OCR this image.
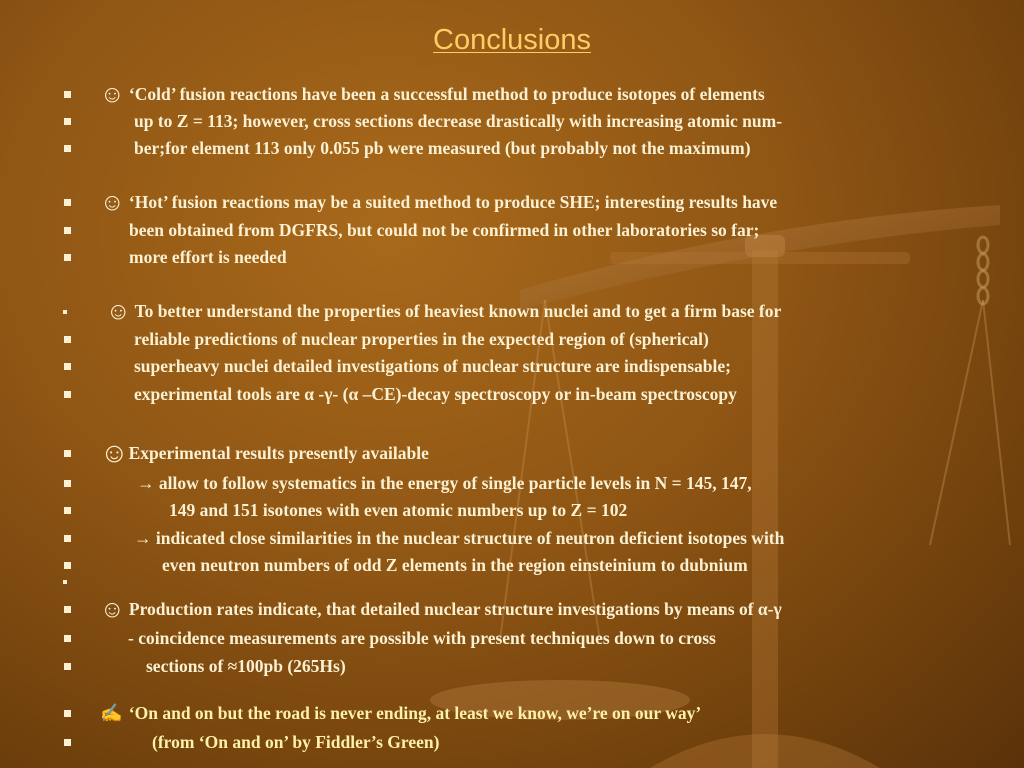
Conclusions
☺ ‘Cold’ fusion reactions have been a successful method to produce isotopes of elements
up to Z = 113; however, cross sections decrease drastically with increasing atomic num-
ber;for element 113 only 0.055 pb were measured (but probably not the maximum)
☺ ‘Hot’ fusion reactions may be a suited method to produce SHE; interesting results have
been obtained from DGFRS, but could not be confirmed in other laboratories so far;
more effort is needed
☺ To better understand the properties of heaviest known nuclei and to get a firm base for
reliable predictions of nuclear properties in the expected region of (spherical)
superheavy nuclei detailed investigations of nuclear structure are indispensable;
experimental tools are α -γ- (α –CE)-decay spectroscopy or in-beam spectroscopy
☺Experimental results presently available
→ allow to follow systematics in the energy of single particle levels in N = 145, 147,
149 and 151 isotones with even atomic numbers up to Z = 102
→ indicated close similarities in the nuclear structure of neutron deficient isotopes with
even neutron numbers of odd Z elements in the region einsteinium to dubnium
☺ Production rates indicate, that detailed nuclear structure investigations by means of α-γ
- coincidence measurements are possible with present techniques down to cross
sections of ≈100pb (265Hs)
✍ ‘On and on but the road is never ending, at least we know, we’re on our way’
(from ‘On and on’ by Fiddler’s Green)
